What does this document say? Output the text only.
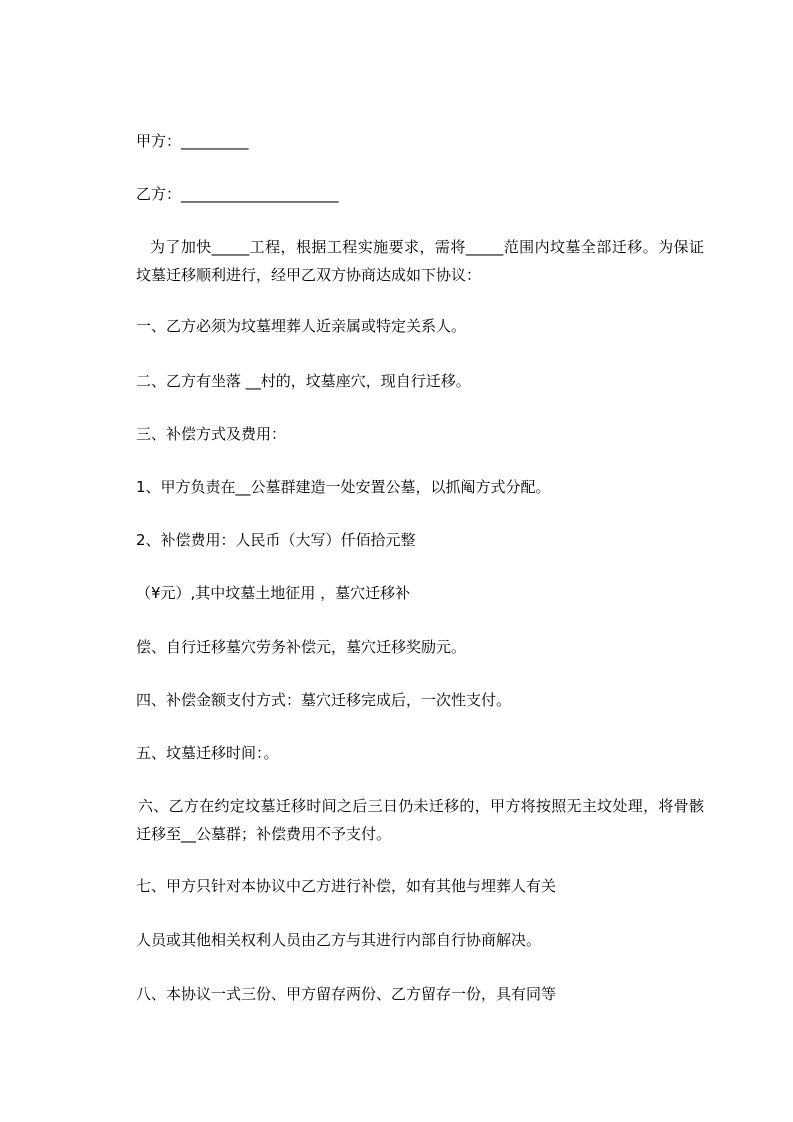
甲方：_________

乙方：_____________________

为了加快_____工程，根据工程实施要求，需将_____范围内坟墓全部迁移。为保证坟墓迁移顺利进行，经甲乙双方协商达成如下协议：

一、乙方必须为坟墓埋葬人近亲属或特定关系人。

二、乙方有坐落 __村的，坟墓座穴，现自行迁移。

三、补偿方式及费用：

1、甲方负责在__公墓群建造一处安置公墓，以抓阄方式分配。

2、补偿费用：人民币（大写）仟佰拾元整

（¥元）,其中坟墓土地征用 ，墓穴迁移补

偿、自行迁移墓穴劳务补偿元，墓穴迁移奖励元。

四、补偿金额支付方式：墓穴迁移完成后，一次性支付。

五、坟墓迁移时间：。

六、乙方在约定坟墓迁移时间之后三日仍未迁移的，甲方将按照无主坟处理，将骨骸迁移至__公墓群；补偿费用不予支付。

七、甲方只针对本协议中乙方进行补偿，如有其他与埋葬人有关

人员或其他相关权利人员由乙方与其进行内部自行协商解决。

八、本协议一式三份、甲方留存两份、乙方留存一份，具有同等
